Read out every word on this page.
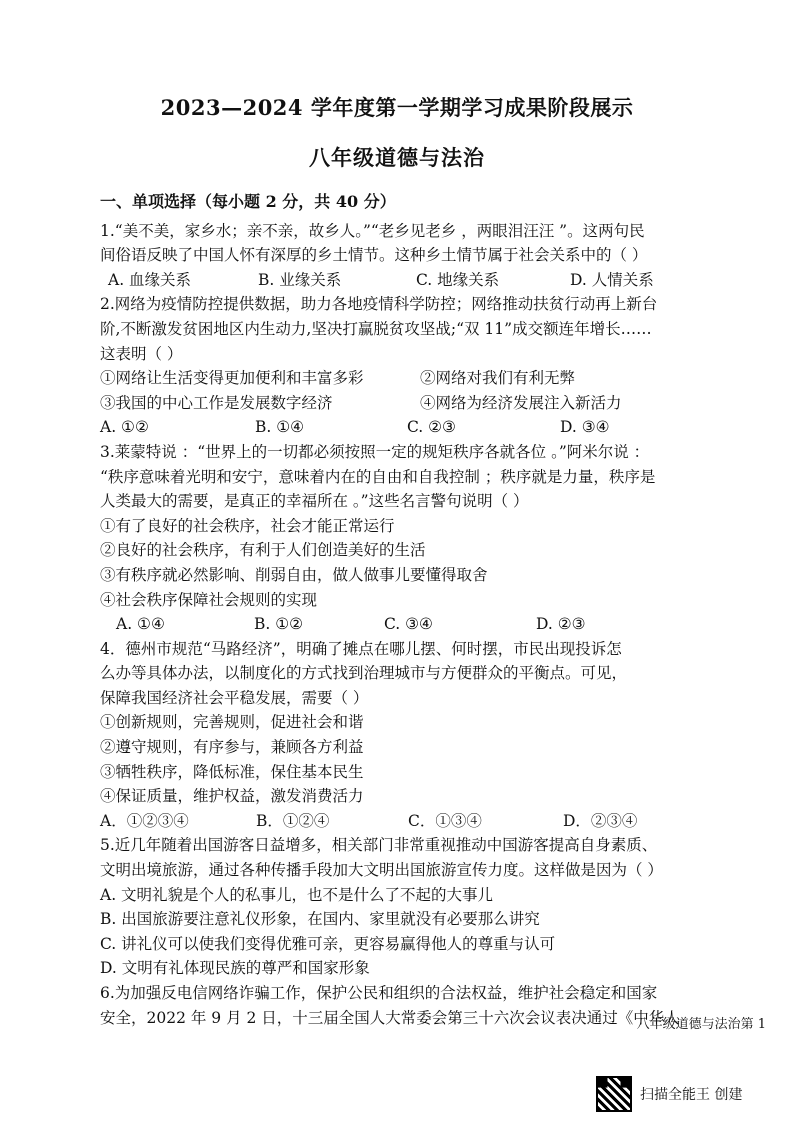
2023—2024 学年度第一学期学习成果阶段展示
八年级道德与法治
一、单项选择（每小题 2 分，共 40 分）
1.“美不美，家乡水；亲不亲，故乡人。”“老乡见老乡 ，两眼泪汪汪 ”。这两句民
间俗语反映了中国人怀有深厚的乡土情节。这种乡土情节属于社会关系中的（ ）
A. 血缘关系	B. 业缘关系	C. 地缘关系	D. 人情关系
2.网络为疫情防控提供数据，助力各地疫情科学防控；网络推动扶贫行动再上新台
阶,不断激发贫困地区内生动力,坚决打赢脱贫攻坚战;“双 11”成交额连年增长……
这表明（ ）
①网络让生活变得更加便利和丰富多彩	②网络对我们有利无弊
③我国的中心工作是发展数字经济	④网络为经济发展注入新活力
A. ①②	B. ①④	C. ②③	D. ③④
3.莱蒙特说 ：“世界上的一切都必须按照一定的规矩秩序各就各位 。”阿米尔说 ：
“秩序意味着光明和安宁，意味着内在的自由和自我控制 ；秩序就是力量，秩序是
人类最大的需要，是真正的幸福所在 。”这些名言警句说明（ ）
①有了良好的社会秩序，社会才能正常运行
②良好的社会秩序，有利于人们创造美好的生活
③有秩序就必然影响、削弱自由，做人做事儿要懂得取舍
④社会秩序保障社会规则的实现
A. ①④	B. ①②	C. ③④	D. ②③
4．德州市规范“马路经济”，明确了摊点在哪儿摆、何时摆，市民出现投诉怎
么办等具体办法，以制度化的方式找到治理城市与方便群众的平衡点。可见，
保障我国经济社会平稳发展，需要（ ）
①创新规则，完善规则，促进社会和谐
②遵守规则，有序参与，兼顾各方利益
③牺牲秩序，降低标准，保住基本民生
④保证质量，维护权益，激发消费活力
A．①②③④	B．①②④	C．①③④	D．②③④
5.近几年随着出国游客日益增多，相关部门非常重视推动中国游客提高自身素质、
文明出境旅游，通过各种传播手段加大文明出国旅游宣传力度。这样做是因为（ ）
A. 文明礼貌是个人的私事儿，也不是什么了不起的大事儿
B. 出国旅游要注意礼仪形象，在国内、家里就没有必要那么讲究
C. 讲礼仪可以使我们变得优雅可亲，更容易赢得他人的尊重与认可
D. 文明有礼体现民族的尊严和国家形象
6.为加强反电信网络诈骗工作，保护公民和组织的合法权益，维护社会稳定和国家
安全，2022 年 9 月 2 日，十三届全国人大常委会第三十六次会议表决通过《中华人
八年级道德与法治第 1
扫描全能王 创建
